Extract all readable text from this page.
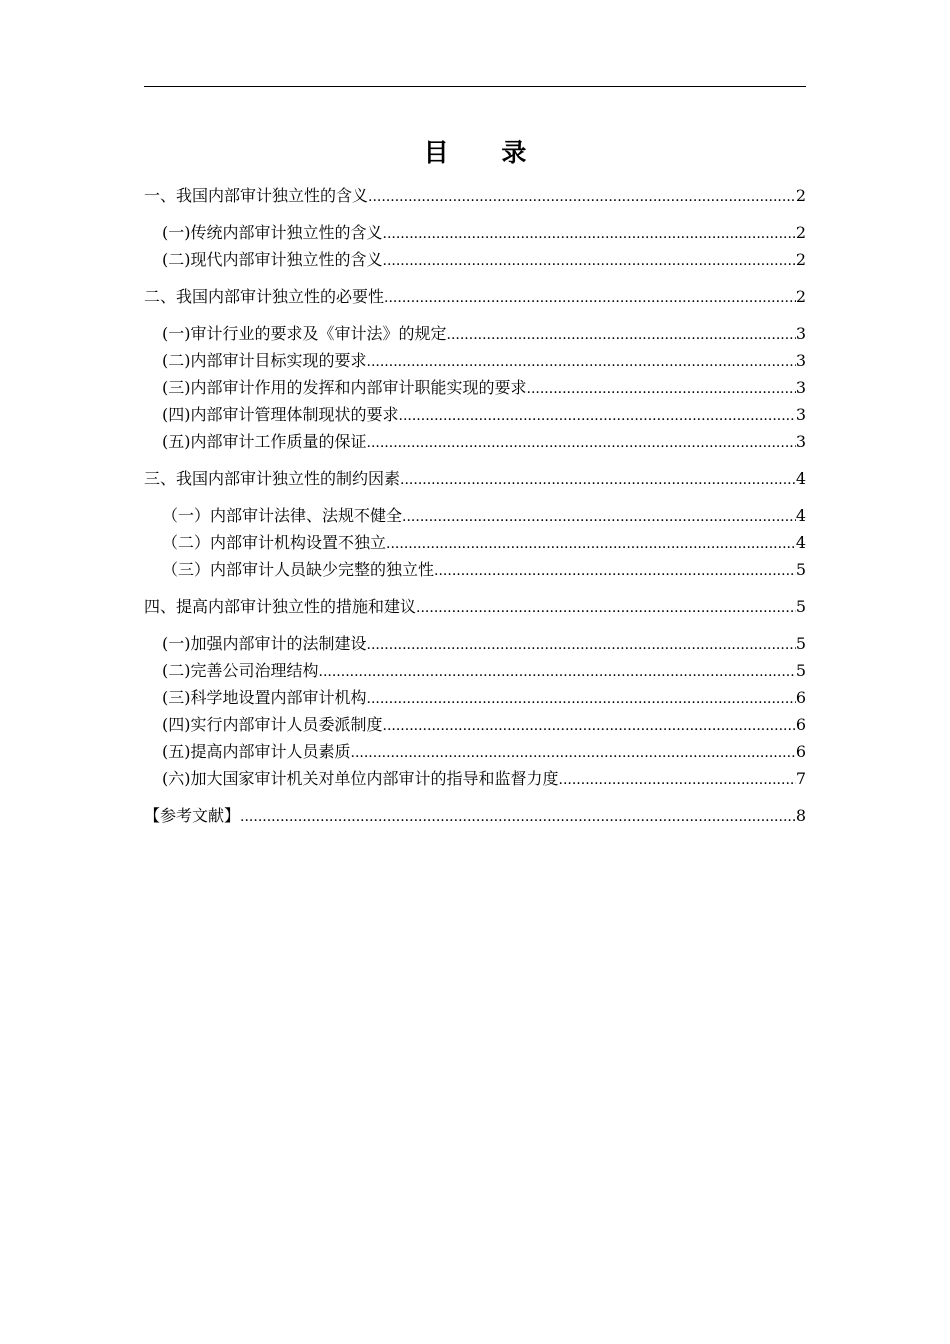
目 录
一、我国内部审计独立性的含义 .....	2
(一)传统内部审计独立性的含义 .....	2
(二)现代内部审计独立性的含义 .....	2
二、我国内部审计独立性的必要性 .....	2
(一)审计行业的要求及《审计法》的规定 .....	3
(二)内部审计目标实现的要求 .....	3
(三)内部审计作用的发挥和内部审计职能实现的要求 .....	3
(四)内部审计管理体制现状的要求 .....	3
(五)内部审计工作质量的保证 .....	3
三、我国内部审计独立性的制约因素 .....	4
（一）内部审计法律、法规不健全 .....	4
（二）内部审计机构设置不独立 .....	4
（三）内部审计人员缺少完整的独立性 .....	5
四、提高内部审计独立性的措施和建议 .....	5
(一)加强内部审计的法制建设 .....	5
(二)完善公司治理结构 .....	5
(三)科学地设置内部审计机构 .....	6
(四)实行内部审计人员委派制度 .....	6
(五)提高内部审计人员素质 .....	6
(六)加大国家审计机关对单位内部审计的指导和监督力度 .....	7
【参考文献】 .....	8
